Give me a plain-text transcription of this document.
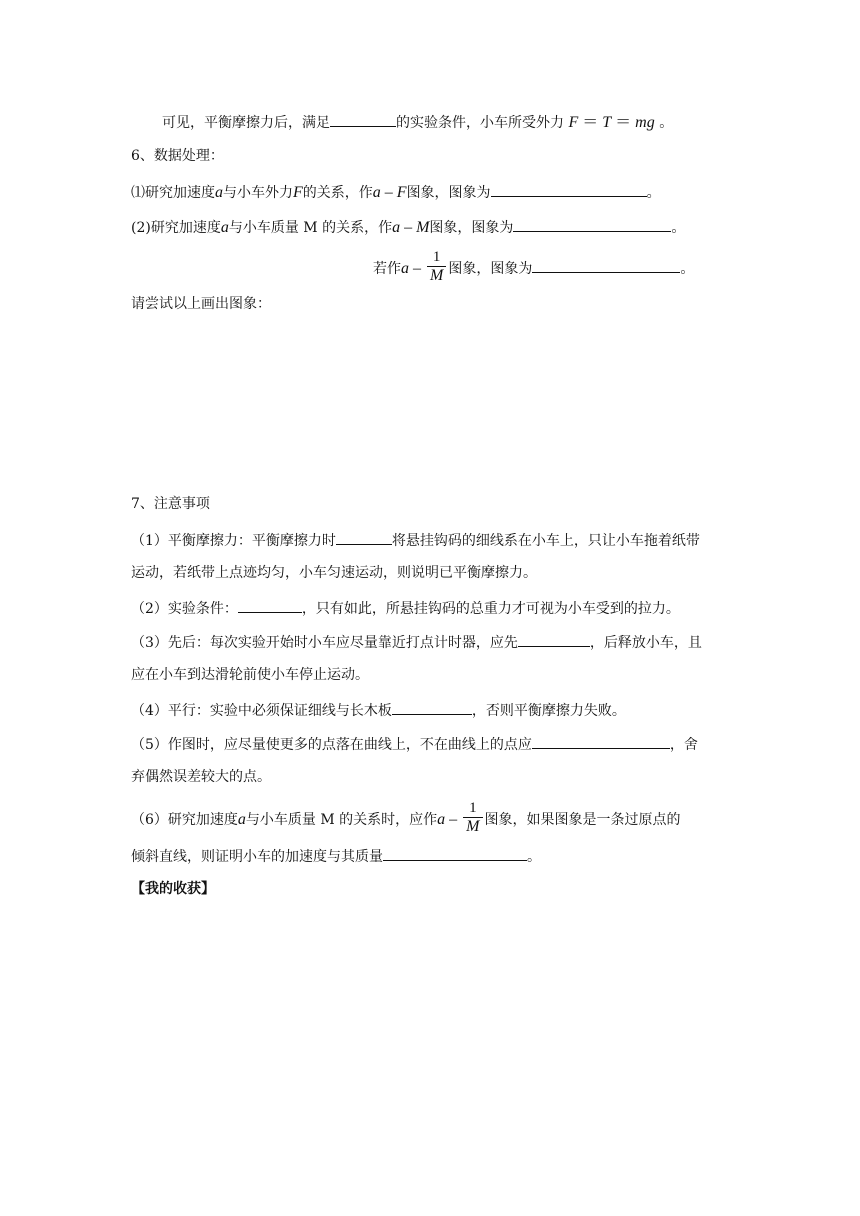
可见，平衡摩擦力后，满足	的实验条件，小车所受外力 F ＝ T ＝ mg 。
6、数据处理：
⑴研究加速度a与小车外力F的关系，作a – F图象，图象为	。
(2)研究加速度a与小车质量 M 的关系，作a – M图象，图象为	。
若作a – $\frac{1}{M}$ 图象，图象为	。
请尝试以上画出图象：
7、注意事项
（1）平衡摩擦力：平衡摩擦力时	将悬挂钩码的细线系在小车上，只让小车拖着纸带
运动，若纸带上点迹均匀，小车匀速运动，则说明已平衡摩擦力。
（2）实验条件：	，只有如此，所悬挂钩码的总重力才可视为小车受到的拉力。
（3）先后：每次实验开始时小车应尽量靠近打点计时器，应先	，后释放小车，且
应在小车到达滑轮前使小车停止运动。
（4）平行：实验中必须保证细线与长木板	，否则平衡摩擦力失败。
（5）作图时，应尽量使更多的点落在曲线上，不在曲线上的点应	，舍
弃偶然误差较大的点。
（6）研究加速度a与小车质量 M 的关系时，应作a – $\frac{1}{M}$ 图象，如果图象是一条过原点的
倾斜直线，则证明小车的加速度与其质量	。
【我的收获】
